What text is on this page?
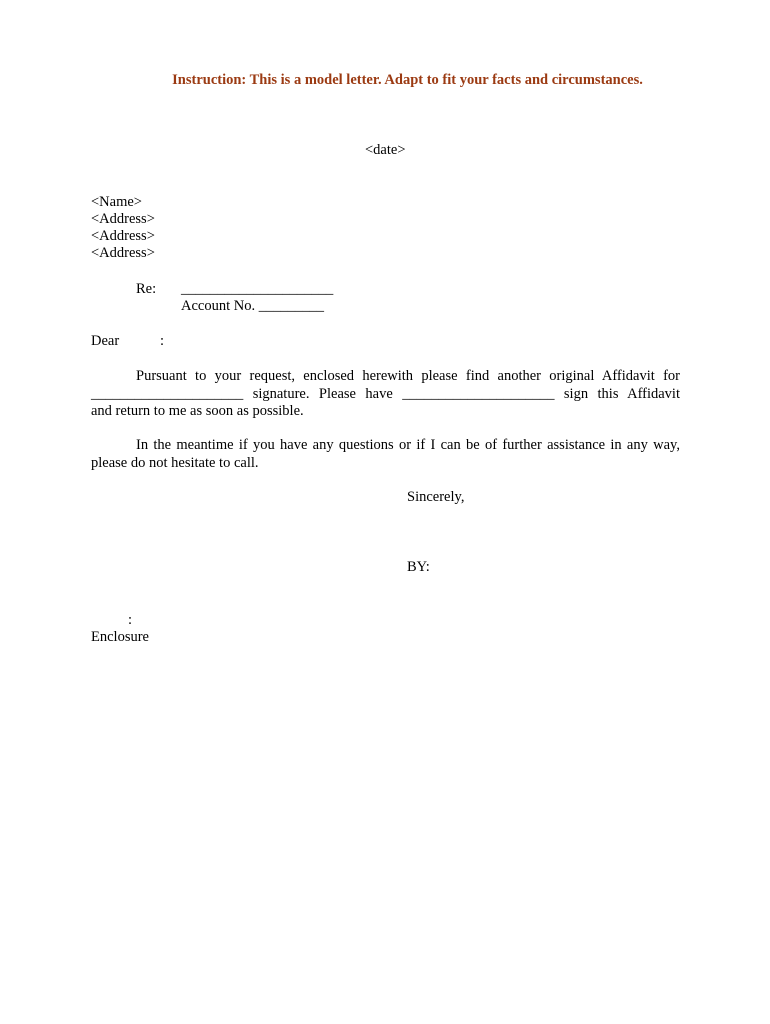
Instruction: This is a model letter. Adapt to fit your facts and circumstances.
<date>
<Name>
<Address>
<Address>
<Address>
Re: _____________________
Account No. _________
Dear	:
Pursuant to your request, enclosed herewith please find another original Affidavit for
_____________________ signature. Please have _____________________ sign this Affidavit
and return to me as soon as possible.
In the meantime if you have any questions or if I can be of further assistance in any way,
please do not hesitate to call.
Sincerely,
BY:
:
Enclosure
